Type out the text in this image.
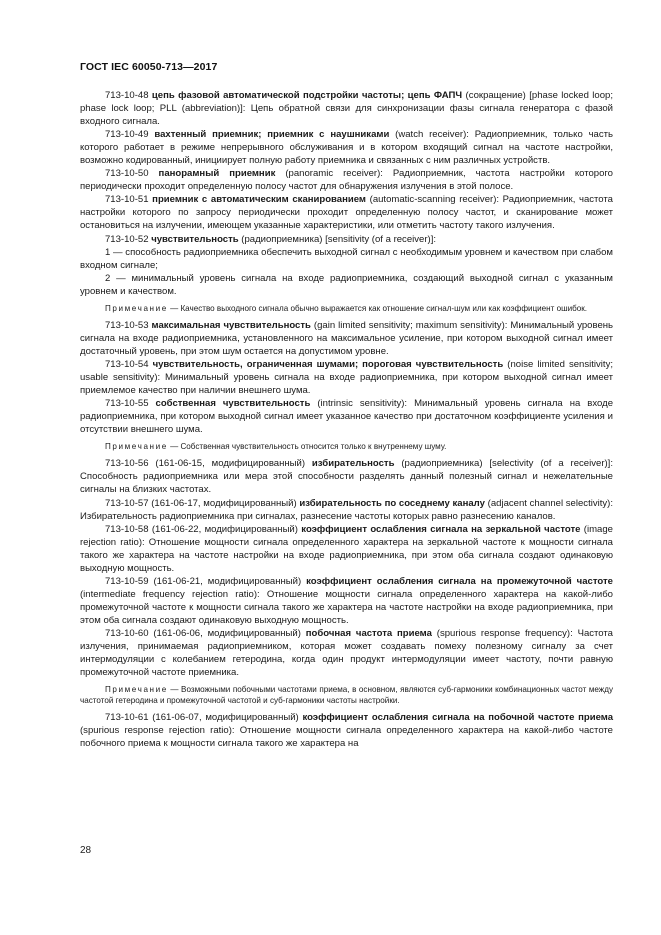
ГОСТ IEC 60050-713—2017

713-10-48 цепь фазовой автоматической подстройки частоты; цепь ФАПЧ (сокращение) [phase locked loop; phase lock loop; PLL (abbreviation)]: Цепь обратной связи для синхронизации фазы сигнала генератора с фазой входного сигнала.

713-10-49 вахтенный приемник; приемник с наушниками (watch receiver): Радиоприемник, только часть которого работает в режиме непрерывного обслуживания и в котором входящий сигнал на частоте настройки, возможно кодированный, инициирует полную работу приемника и связанных с ним различных устройств.

713-10-50 панорамный приемник (panoramic receiver): Радиоприемник, частота настройки которого периодически проходит определенную полосу частот для обнаружения излучения в этой полосе.

713-10-51 приемник с автоматическим сканированием (automatic-scanning receiver): Радиоприемник, частота настройки которого по запросу периодически проходит определенную полосу частот, и сканирование может остановиться на излучении, имеющем указанные характеристики, или отметить частоту такого излучения.

713-10-52 чувствительность (радиоприемника) [sensitivity (of a receiver)]:

1 — способность радиоприемника обеспечить выходной сигнал с необходимым уровнем и качеством при слабом входном сигнале;

2 — минимальный уровень сигнала на входе радиоприемника, создающий выходной сигнал с указанным уровнем и качеством.

Примечание — Качество выходного сигнала обычно выражается как отношение сигнал-шум или как коэффициент ошибок.

713-10-53 максимальная чувствительность (gain limited sensitivity; maximum sensitivity): Минимальный уровень сигнала на входе радиоприемника, установленного на максимальное усиление, при котором выходной сигнал имеет достаточный уровень, при этом шум остается на допустимом уровне.

713-10-54 чувствительность, ограниченная шумами; пороговая чувствительность (noise limited sensitivity; usable sensitivity): Минимальный уровень сигнала на входе радиоприемника, при котором выходной сигнал имеет приемлемое качество при наличии внешнего шума.

713-10-55 собственная чувствительность (intrinsic sensitivity): Минимальный уровень сигнала на входе радиоприемника, при котором выходной сигнал имеет указанное качество при достаточном коэффициенте усиления и отсутствии внешнего шума.

Примечание — Собственная чувствительность относится только к внутреннему шуму.

713-10-56 (161-06-15, модифицированный) избирательность (радиоприемника) [selectivity (of a receiver)]: Способность радиоприемника или мера этой способности разделять данный полезный сигнал и нежелательные сигналы на близких частотах.

713-10-57 (161-06-17, модифицированный) избирательность по соседнему каналу (adjacent channel selectivity): Избирательность радиоприемника при сигналах, разнесение частоты которых равно разнесению каналов.

713-10-58 (161-06-22, модифицированный) коэффициент ослабления сигнала на зеркальной частоте (image rejection ratio): Отношение мощности сигнала определенного характера на зеркальной частоте к мощности сигнала такого же характера на частоте настройки на входе радиоприемника, при этом оба сигнала создают одинаковую выходную мощность.

713-10-59 (161-06-21, модифицированный) коэффициент ослабления сигнала на промежуточной частоте (intermediate frequency rejection ratio): Отношение мощности сигнала определенного характера на какой-либо промежуточной частоте к мощности сигнала такого же характера на частоте настройки на входе радиоприемника, при этом оба сигнала создают одинаковую выходную мощность.

713-10-60 (161-06-06, модифицированный) побочная частота приема (spurious response frequency): Частота излучения, принимаемая радиоприемником, которая может создавать помеху полезному сигналу за счет интермодуляции с колебанием гетеродина, когда один продукт интермодуляции имеет частоту, почти равную промежуточной частоте приемника.

Примечание — Возможными побочными частотами приема, в основном, являются суб-гармоники комбинационных частот между частотой гетеродина и промежуточной частотой и суб-гармоники частоты настройки.

713-10-61 (161-06-07, модифицированный) коэффициент ослабления сигнала на побочной частоте приема (spurious response rejection ratio): Отношение мощности сигнала определенного характера на какой-либо частоте побочного приема к мощности сигнала такого же характера на

28
